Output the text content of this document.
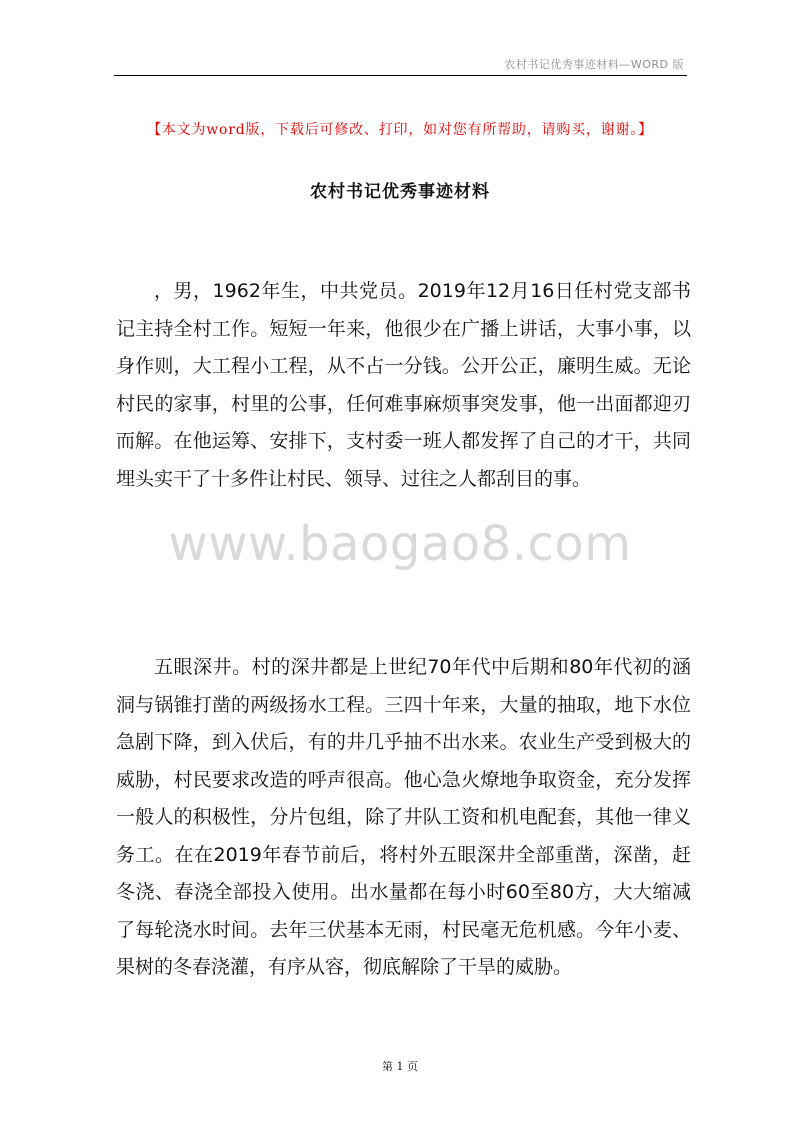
农村书记优秀事迹材料—WORD 版
【本文为word版，下载后可修改、打印，如对您有所帮助，请购买，谢谢。】
农村书记优秀事迹材料

，男，1962年生，中共党员。2019年12月16日任村党支部书记主持全村工作。短短一年来，他很少在广播上讲话，大事小事，以身作则，大工程小工程，从不占一分钱。公开公正，廉明生威。无论村民的家事，村里的公事，任何难事麻烦事突发事，他一出面都迎刃而解。在他运筹、安排下，支村委一班人都发挥了自己的才干，共同埋头实干了十多件让村民、领导、过往之人都刮目的事。

www.baogao8.com

五眼深井。村的深井都是上世纪70年代中后期和80年代初的涵洞与锅锥打凿的两级扬水工程。三四十年来，大量的抽取，地下水位急剧下降，到入伏后，有的井几乎抽不出水来。农业生产受到极大的威胁，村民要求改造的呼声很高。他心急火燎地争取资金，充分发挥一般人的积极性，分片包组，除了井队工资和机电配套，其他一律义务工。在在2019年春节前后，将村外五眼深井全部重凿，深凿，赶冬浇、春浇全部投入使用。出水量都在每小时60至80方，大大缩减了每轮浇水时间。去年三伏基本无雨，村民毫无危机感。今年小麦、果树的冬春浇灌，有序从容，彻底解除了干旱的威胁。

第 1 页
